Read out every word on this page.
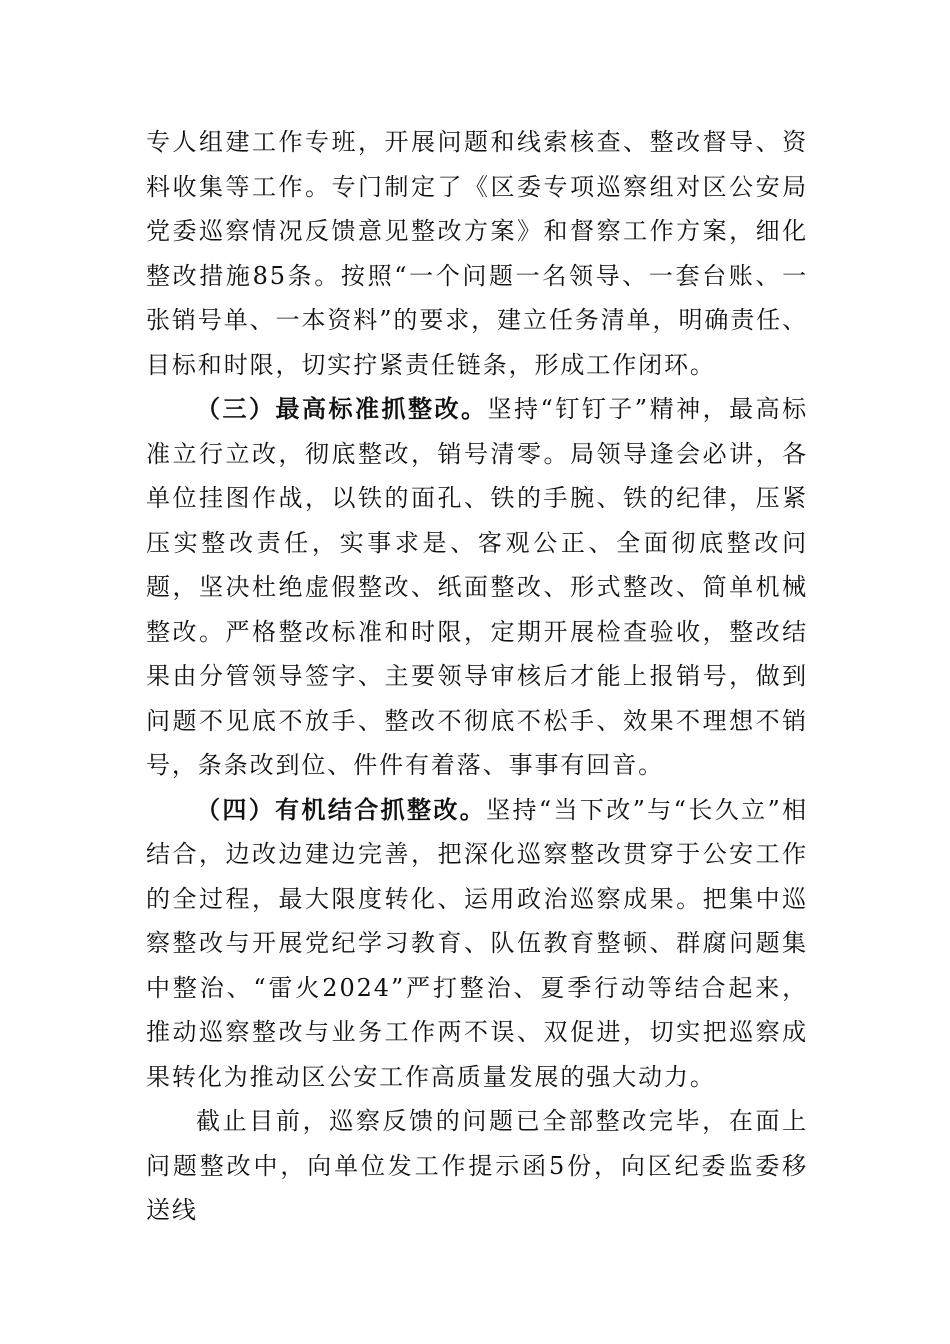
专人组建工作专班，开展问题和线索核查、整改督导、资料收集等工作。专门制定了《区委专项巡察组对区公安局党委巡察情况反馈意见整改方案》和督察工作方案，细化整改措施85条。按照“一个问题一名领导、一套台账、一张销号单、一本资料”的要求，建立任务清单，明确责任、目标和时限，切实拧紧责任链条，形成工作闭环。

（三）最高标准抓整改。坚持“钉钉子”精神，最高标准立行立改，彻底整改，销号清零。局领导逢会必讲，各单位挂图作战，以铁的面孔、铁的手腕、铁的纪律，压紧压实整改责任，实事求是、客观公正、全面彻底整改问题，坚决杜绝虚假整改、纸面整改、形式整改、简单机械整改。严格整改标准和时限，定期开展检查验收，整改结果由分管领导签字、主要领导审核后才能上报销号，做到问题不见底不放手、整改不彻底不松手、效果不理想不销号，条条改到位、件件有着落、事事有回音。

（四）有机结合抓整改。坚持“当下改”与“长久立”相结合，边改边建边完善，把深化巡察整改贯穿于公安工作的全过程，最大限度转化、运用政治巡察成果。把集中巡察整改与开展党纪学习教育、队伍教育整顿、群腐问题集中整治、“雷火2024”严打整治、夏季行动等结合起来，推动巡察整改与业务工作两不误、双促进，切实把巡察成果转化为推动区公安工作高质量发展的强大动力。

截止目前，巡察反馈的问题已全部整改完毕，在面上问题整改中，向单位发工作提示函5份，向区纪委监委移送线
